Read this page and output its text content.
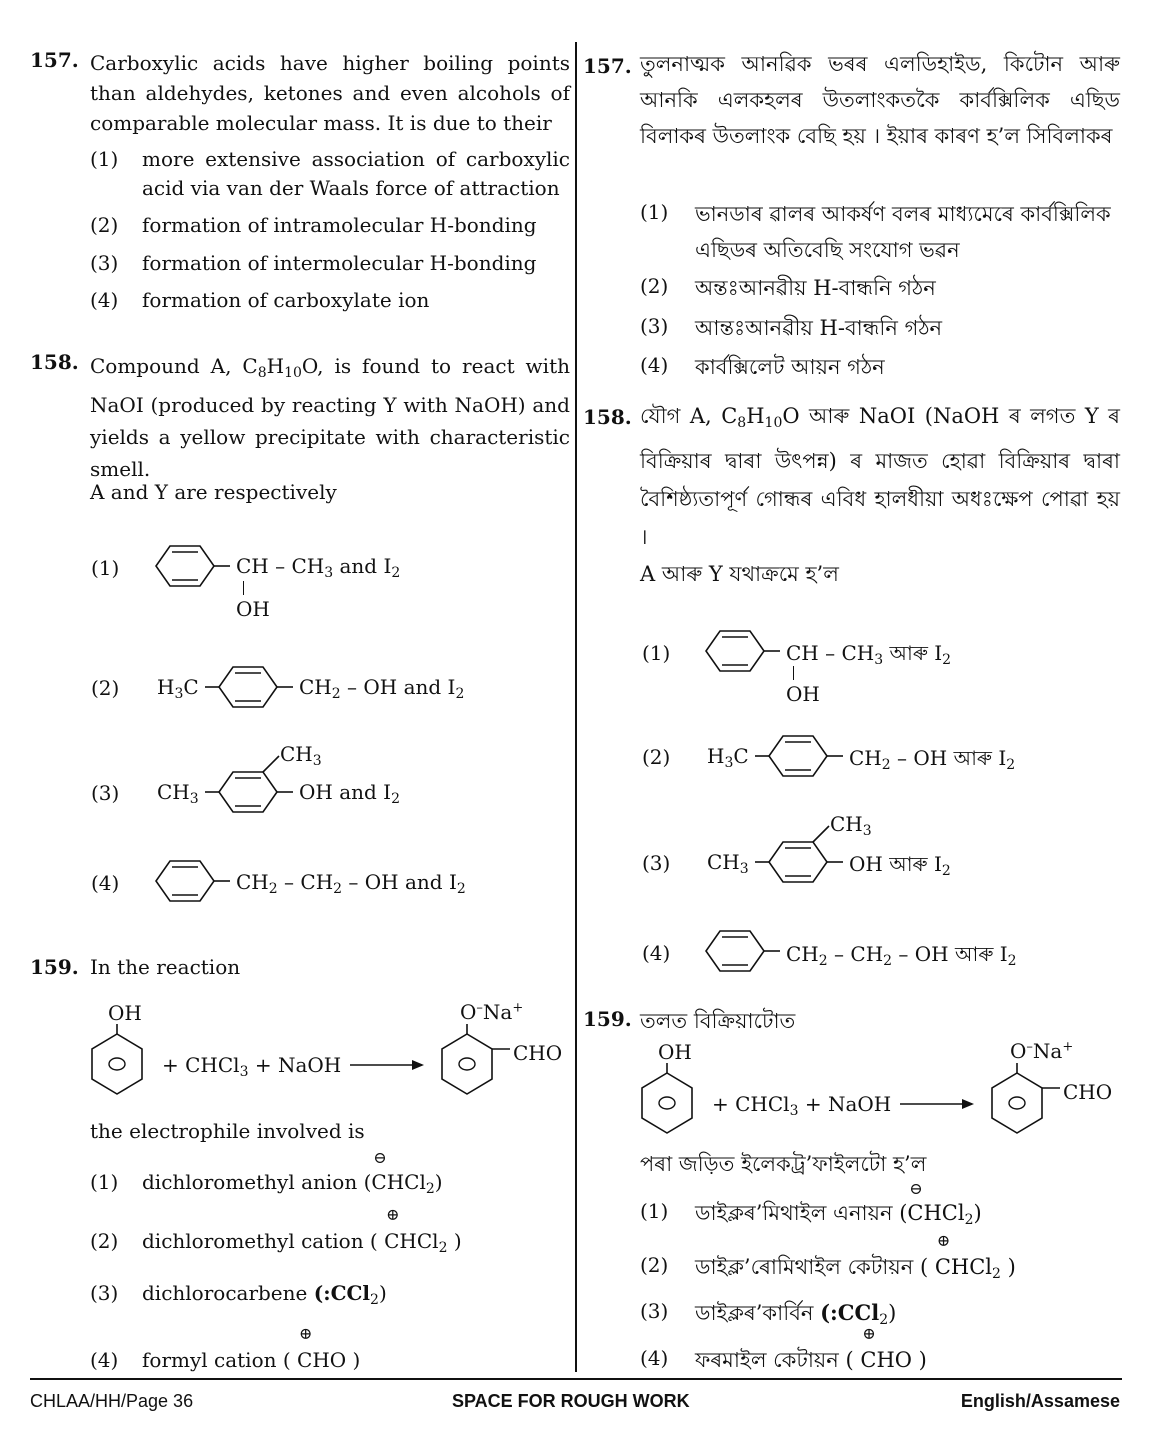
157. Carboxylic acids have higher boiling points than aldehydes, ketones and even alcohols of comparable molecular mass. It is due to their
(1) more extensive association of carboxylic acid via van der Waals force of attraction
(2) formation of intramolecular H-bonding
(3) formation of intermolecular H-bonding
(4) formation of carboxylate ion
158. Compound A, $C_8H_{10}O$, is found to react with NaOI (produced by reacting Y with NaOH) and yields a yellow precipitate with characteristic smell.
A and Y are respectively
(1)	CH – $CH_3$ and $I_2$
OH
(2) $H_3C$	$CH_2$ – OH and $I_2$
(3) $CH_3$
$CH_3$
OH and $I_2$
(4)	$CH_2 - CH_2$ – OH and $I_2$
159. In the reaction
OH
+ CHCl$_3$ + NaOH
O–Na+
CHO
the electrophile involved is
(1) dichloromethyl anion (
⊖
CHCl$_2$)
(2) dichloromethyl cation (
⊕
CHCl$_2$ )
(3) dichlorocarbene (:CCl$_2$)
(4) formyl cation (
⊕
CHO )
157. তুলনাত্মক আনৱিক ভৰৰ এলডিহাইড, কিটোন আৰু আনকি এলকহলৰ উতলাংকতকৈ কাৰ্বক্সিলিক এছিড বিলাকৰ উতলাংক বেছি হয় । ইয়াৰ কাৰণ হ’ল সিবিলাকৰ
(1) ভানডাৰ ৱালৰ আকৰ্ষণ বলৰ মাধ্যমেৰে কাৰ্বক্সিলিক এছিডৰ অতিবেছি সংযোগ ভৱন
(2) অন্তঃআনৱীয় H-বান্ধনি গঠন
(3) আন্তঃআনৱীয় H-বান্ধনি গঠন
(4) কাৰ্বক্সিলেট আয়ন গঠন
158. যৌগ A, $C_8H_{10}O$ আৰু NaOI (NaOH ৰ লগত Y ৰ বিক্ৰিয়াৰ দ্বাৰা উৎপন্ন) ৰ মাজত হোৱা বিক্ৰিয়াৰ দ্বাৰা বৈশিষ্ঠ্যতাপূৰ্ণ গোন্ধৰ এবিধ হালধীয়া অধঃক্ষেপ পোৱা হয় ।
A আৰু Y যথাক্ৰমে হ’ল
(1)	CH – $CH_3$ আৰু $I_2$
OH
(2) $H_3C$	$CH_2$ – OH আৰু $I_2$
(3) $CH_3$
$CH_3$
OH আৰু $I_2$
(4)	$CH_2 - CH_2$ – OH আৰু $I_2$
159. তলত বিক্ৰিয়াটোত
OH
+ CHCl$_3$ + NaOH
O–Na+
CHO
পৰা জড়িত ইলেকট্ৰ’ফাইলটো হ’ল
(1) ডাইক্লৰ’মিথাইল এনায়ন (
⊖
CHCl$_2$)
(2) ডাইক্ল’ৰোমিথাইল কেটায়ন (
⊕
CHCl$_2$ )
(3) ডাইক্লৰ’কাৰ্বিন (:CCl$_2$)
(4) ফৰমাইল কেটায়ন (
⊕
CHO )
CHLAA/HH/Page 36	SPACE FOR ROUGH WORK	English/Assamese
